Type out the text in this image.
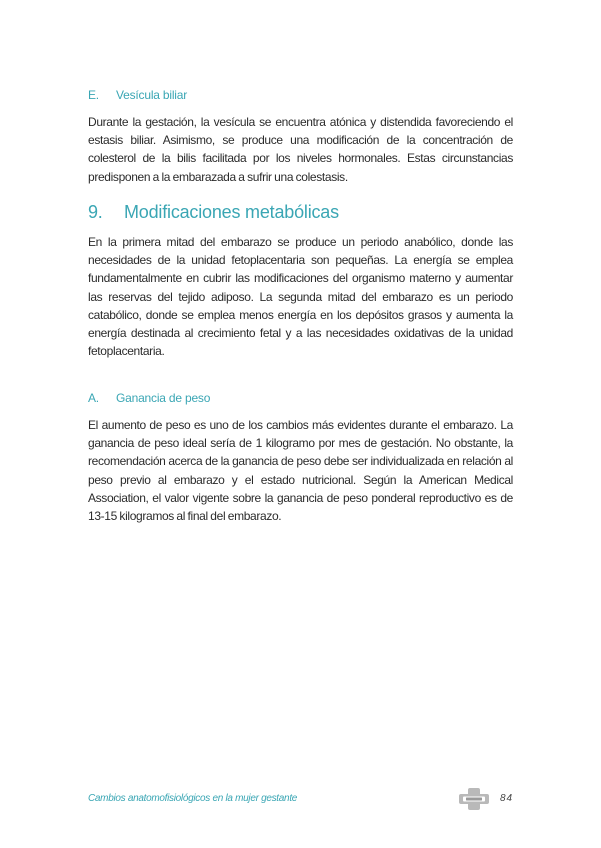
E. Vesícula biliar

Durante la gestación, la vesícula se encuentra atónica y distendida favoreciendo el estasis biliar. Asimismo, se produce una modificación de la concentración de colesterol de la bilis facilitada por los niveles hormonales. Estas circunstancias predisponen a la embarazada a sufrir una colestasis.

9. Modificaciones metabólicas

En la primera mitad del embarazo se produce un periodo anabólico, donde las necesidades de la unidad fetoplacentaria son pequeñas. La energía se emplea fundamentalmente en cubrir las modificaciones del organismo materno y aumentar las reservas del tejido adiposo. La segunda mitad del embarazo es un periodo catabólico, donde se emplea menos energía en los depósitos grasos y aumenta la energía destinada al crecimiento fetal y a las necesidades oxidativas de la unidad fetoplacentaria.

A. Ganancia de peso

El aumento de peso es uno de los cambios más evidentes durante el embarazo. La ganancia de peso ideal sería de 1 kilogramo por mes de gestación. No obstante, la recomendación acerca de la ganancia de peso debe ser individualizada en relación al peso previo al embarazo y el estado nutricional. Según la American Medical Association, el valor vigente sobre la ganancia de peso ponderal reproductivo es de 13-15 kilogramos al final del embarazo.

Cambios anatomofisiológicos en la mujer gestante	84
